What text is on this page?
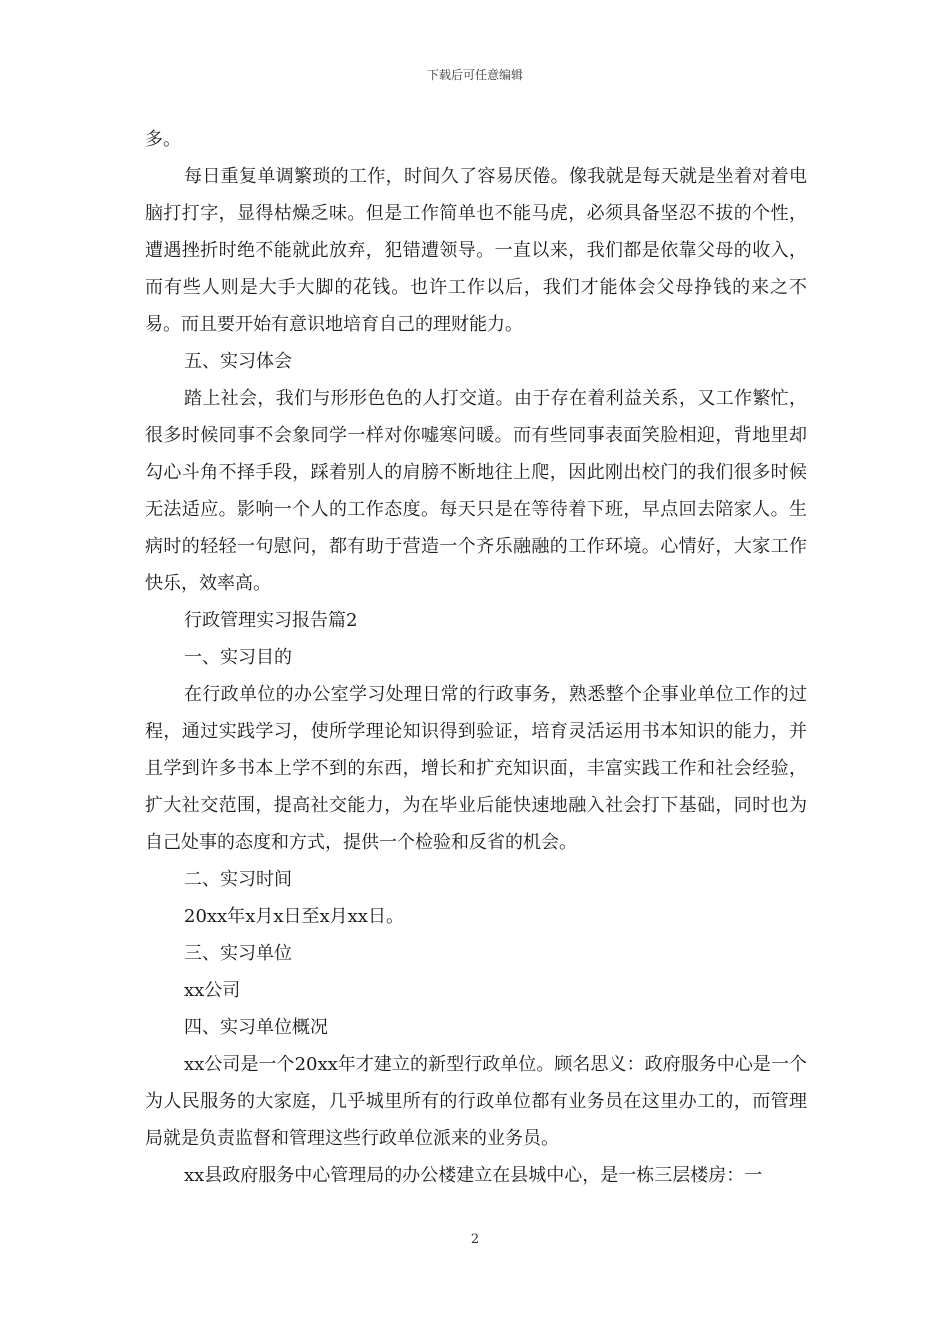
下载后可任意编辑

多。

每日重复单调繁琐的工作，时间久了容易厌倦。像我就是每天就是坐着对着电脑打打字，显得枯燥乏味。但是工作简单也不能马虎，必须具备坚忍不拔的个性，遭遇挫折时绝不能就此放弃，犯错遭领导。一直以来，我们都是依靠父母的收入，而有些人则是大手大脚的花钱。也许工作以后，我们才能体会父母挣钱的来之不易。而且要开始有意识地培育自己的理财能力。

五、实习体会

踏上社会，我们与形形色色的人打交道。由于存在着利益关系，又工作繁忙，很多时候同事不会象同学一样对你嘘寒问暖。而有些同事表面笑脸相迎，背地里却勾心斗角不择手段，踩着别人的肩膀不断地往上爬，因此刚出校门的我们很多时候无法适应。影响一个人的工作态度。每天只是在等待着下班，早点回去陪家人。生病时的轻轻一句慰问，都有助于营造一个齐乐融融的工作环境。心情好，大家工作快乐，效率高。

行政管理实习报告篇2

一、实习目的

在行政单位的办公室学习处理日常的行政事务，熟悉整个企事业单位工作的过程，通过实践学习，使所学理论知识得到验证，培育灵活运用书本知识的能力，并且学到许多书本上学不到的东西，增长和扩充知识面，丰富实践工作和社会经验，扩大社交范围，提高社交能力，为在毕业后能快速地融入社会打下基础，同时也为自己处事的态度和方式，提供一个检验和反省的机会。

二、实习时间

20xx年x月x日至x月xx日。

三、实习单位

xx公司

四、实习单位概况

xx公司是一个20xx年才建立的新型行政单位。顾名思义：政府服务中心是一个为人民服务的大家庭，几乎城里所有的行政单位都有业务员在这里办工的，而管理局就是负责监督和管理这些行政单位派来的业务员。

xx县政府服务中心管理局的办公楼建立在县城中心，是一栋三层楼房：一

2
